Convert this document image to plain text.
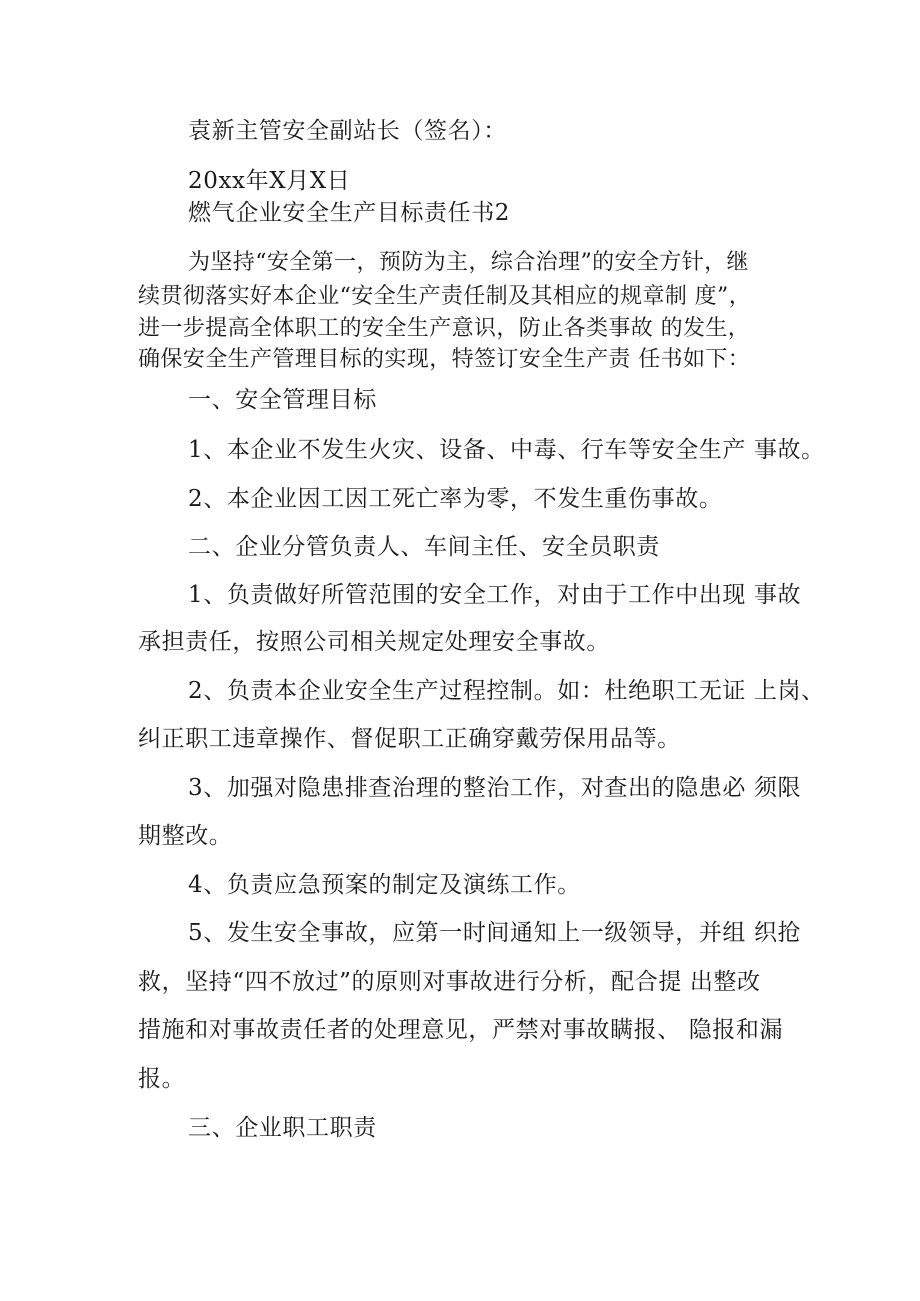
袁新主管安全副站长（签名）：
20xx年X月X日
燃气企业安全生产目标责任书2
为坚持“安全第一，预防为主，综合治理”的安全方针，继
续贯彻落实好本企业“安全生产责任制及其相应的规章制 度”，
进一步提高全体职工的安全生产意识，防止各类事故 的发生，
确保安全生产管理目标的实现，特签订安全生产责 任书如下：
一、安全管理目标
1、本企业不发生火灾、设备、中毒、行车等安全生产 事故。
2、本企业因工因工死亡率为零，不发生重伤事故。
二、企业分管负责人、车间主任、安全员职责
1、负责做好所管范围的安全工作，对由于工作中出现 事故
承担责任，按照公司相关规定处理安全事故。
2、负责本企业安全生产过程控制。如：杜绝职工无证 上岗、
纠正职工违章操作、督促职工正确穿戴劳保用品等。
3、加强对隐患排查治理的整治工作，对查出的隐患必 须限
期整改。
4、负责应急预案的制定及演练工作。
5、发生安全事故，应第一时间通知上一级领导，并组 织抢
救，坚持“四不放过”的原则对事故进行分析，配合提 出整改
措施和对事故责任者的处理意见，严禁对事故瞒报、 隐报和漏
报。
三、企业职工职责
